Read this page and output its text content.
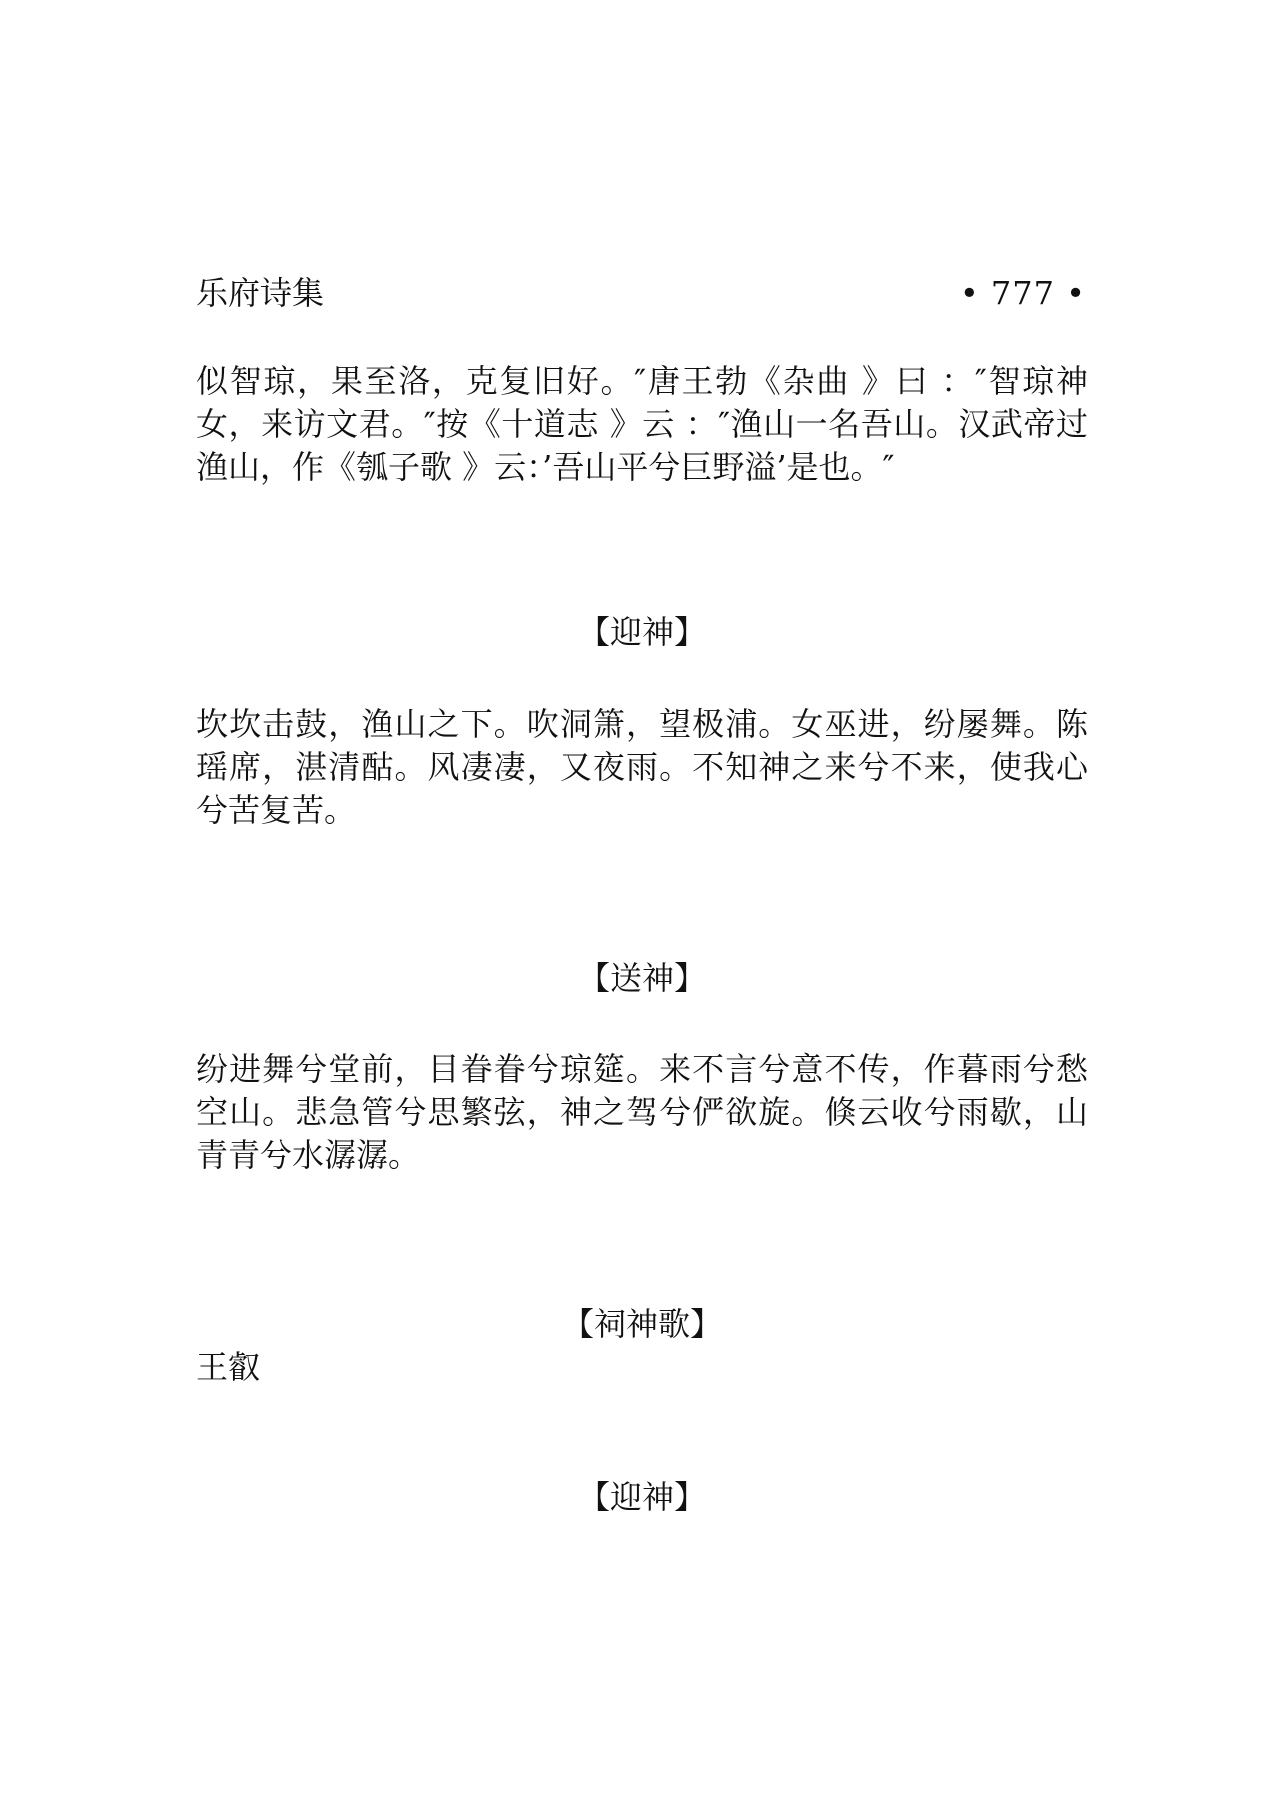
乐府诗集	• 777 •
似智琼，果至洛，克复旧好。″唐王勃《杂曲 》曰 ：″智琼神女，来访文君。″按《十道志 》云 ：″渔山一名吾山。汉武帝过渔山，作《瓠子歌 》云：’吾山平兮巨野溢’是也。″
【迎神】
坎坎击鼓，渔山之下。吹洞箫，望极浦。女巫进，纷屡舞。陈瑶席，湛清酤。风凄凄，又夜雨。不知神之来兮不来，使我心兮苦复苦。
【送神】
纷进舞兮堂前，目眷眷兮琼筵。来不言兮意不传，作暮雨兮愁空山。悲急管兮思繁弦，神之驾兮俨欲旋。倏云收兮雨歇，山青青兮水潺潺。
【祠神歌】
王叡
【迎神】
